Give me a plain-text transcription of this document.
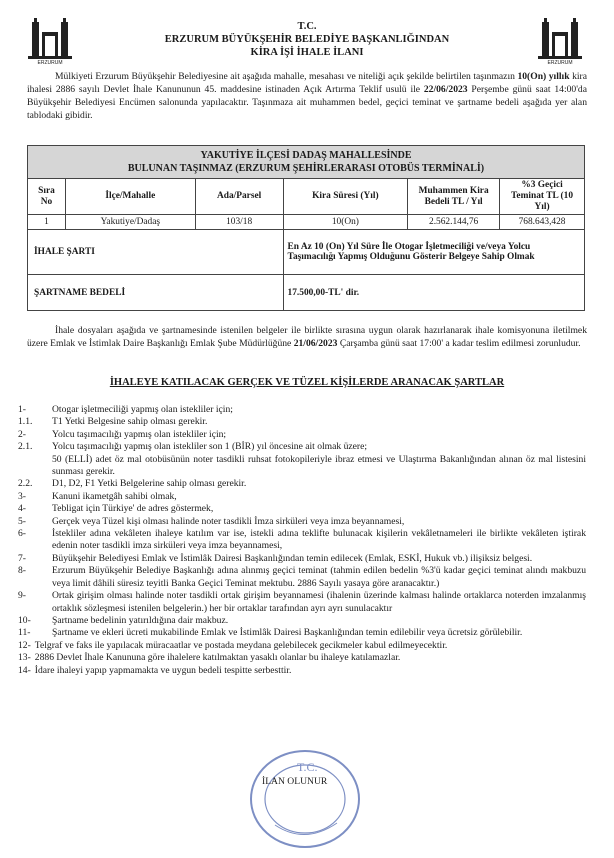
ERZURUM	ERZURUM
T.C.
ERZURUM BÜYÜKŞEHİR BELEDİYE BAŞKANLIĞINDAN
KİRA İŞİ İHALE İLANI

Mülkiyeti Erzurum Büyükşehir Belediyesine ait aşağıda mahalle, mesahası ve niteliği açık şekilde belirtilen taşınmazın 10(On) yıllık kira ihalesi 2886 sayılı Devlet İhale Kanununun 45. maddesine istinaden Açık Artırma Teklif usulü ile 22/06/2023 Perşembe günü saat 14:00'da Büyükşehir Belediyesi Encümen salonunda yapılacaktır. Taşınmaza ait muhammen bedel, geçici teminat ve şartname bedeli aşağıda yer alan tablodaki gibidir.

YAKUTİYE İLÇESİ DADAŞ MAHALLESİNDE
BULUNAN TAŞINMAZ (ERZURUM ŞEHİRLERARASI OTOBÜS TERMİNALİ)					

Sıra No	İlçe/Mahalle	Ada/Parsel	Kira Süresi (Yıl)	Muhammen Kira Bedeli TL / Yıl	%3 Geçici Teminat TL (10 Yıl)
1	Yakutiye/Dadaş	103/18	10(On)	2.562.144,76	768.643,428
İHALE ŞARTI			En Az 10 (On) Yıl Süre İle Otogar İşletmeciliği ve/veya Yolcu Taşımacılığı Yapmış Olduğunu Gösterir Belgeye Sahip Olmak		
ŞARTNAME BEDELİ			17.500,00-TL' dir.		

İhale dosyaları aşağıda ve şartnamesinde istenilen belgeler ile birlikte sırasına uygun olarak hazırlanarak ihale komisyonuna iletilmek üzere Emlak ve İstimlak Daire Başkanlığı Emlak Şube Müdürlüğüne 21/06/2023 Çarşamba günü saat 17:00' a kadar teslim edilmesi zorunludur.

İHALEYE KATILACAK GERÇEK VE TÜZEL KİŞİLERDE ARANACAK ŞARTLAR
1-	Otogar işletmeciliği yapmış olan istekliler için;
1.1.	T1 Yetki Belgesine sahip olması gerekir.
2-	Yolcu taşımacılığı yapmış olan istekliler için;
2.1.	Yolcu taşımacılığı yapmış olan istekliler son 1 (BİR) yıl öncesine ait olmak üzere;
50 (ELLİ) adet öz mal otobüsünün noter tasdikli ruhsat fotokopileriyle ibraz etmesi ve Ulaştırma Bakanlığından alınan öz mal listesini sunması gerekir.
2.2.	D1, D2, F1 Yetki Belgelerine sahip olması gerekir.
3-	Kanuni ikametgâh sahibi olmak,
4-	Tebligat için Türkiye' de adres göstermek,
5-	Gerçek veya Tüzel kişi olması halinde noter tasdikli İmza sirküleri veya imza beyannamesi,
6-	İstekliler adına vekâleten ihaleye katılım var ise, istekli adına teklifte bulunacak kişilerin vekâletnameleri ile birlikte vekâleten iştirak edenin noter tasdikli imza sirküleri veya imza beyannamesi,
7-	Büyükşehir Belediyesi Emlak ve İstimlâk Dairesi Başkanlığından temin edilecek (Emlak, ESKİ, Hukuk vb.) ilişiksiz belgesi.
8-	Erzurum Büyükşehir Belediye Başkanlığı adına alınmış geçici teminat (tahmin edilen bedelin %3'ü kadar geçici teminat alındı makbuzu veya limit dâhili süresiz teyitli Banka Geçici Teminat mektubu. 2886 Sayılı yasaya göre aranacaktır.)
9-	Ortak girişim olması halinde noter tasdikli ortak girişim beyannamesi (ihalenin üzerinde kalması halinde ortaklarca noterden imzalanmış ortaklık sözleşmesi istenilen belgelerin.) her bir ortaklar tarafından ayrı ayrı sunulacaktır
10-	Şartname bedelinin yatırıldığına dair makbuz.
11-	Şartname ve ekleri ücreti mukabilinde Emlak ve İstimlâk Dairesi Başkanlığından temin edilebilir veya ücretsiz görülebilir.
12- Telgraf ve faks ile yapılacak müracaatlar ve postada meydana gelebilecek gecikmeler kabul edilmeyecektir.
13- 2886 Devlet İhale Kanununa göre ihalelere katılmaktan yasaklı olanlar bu ihaleye katılamazlar.
14- İdare ihaleyi yapıp yapmamakta ve uygun bedeli tespitte serbesttir.
T.C.
İLAN OLUNUR
